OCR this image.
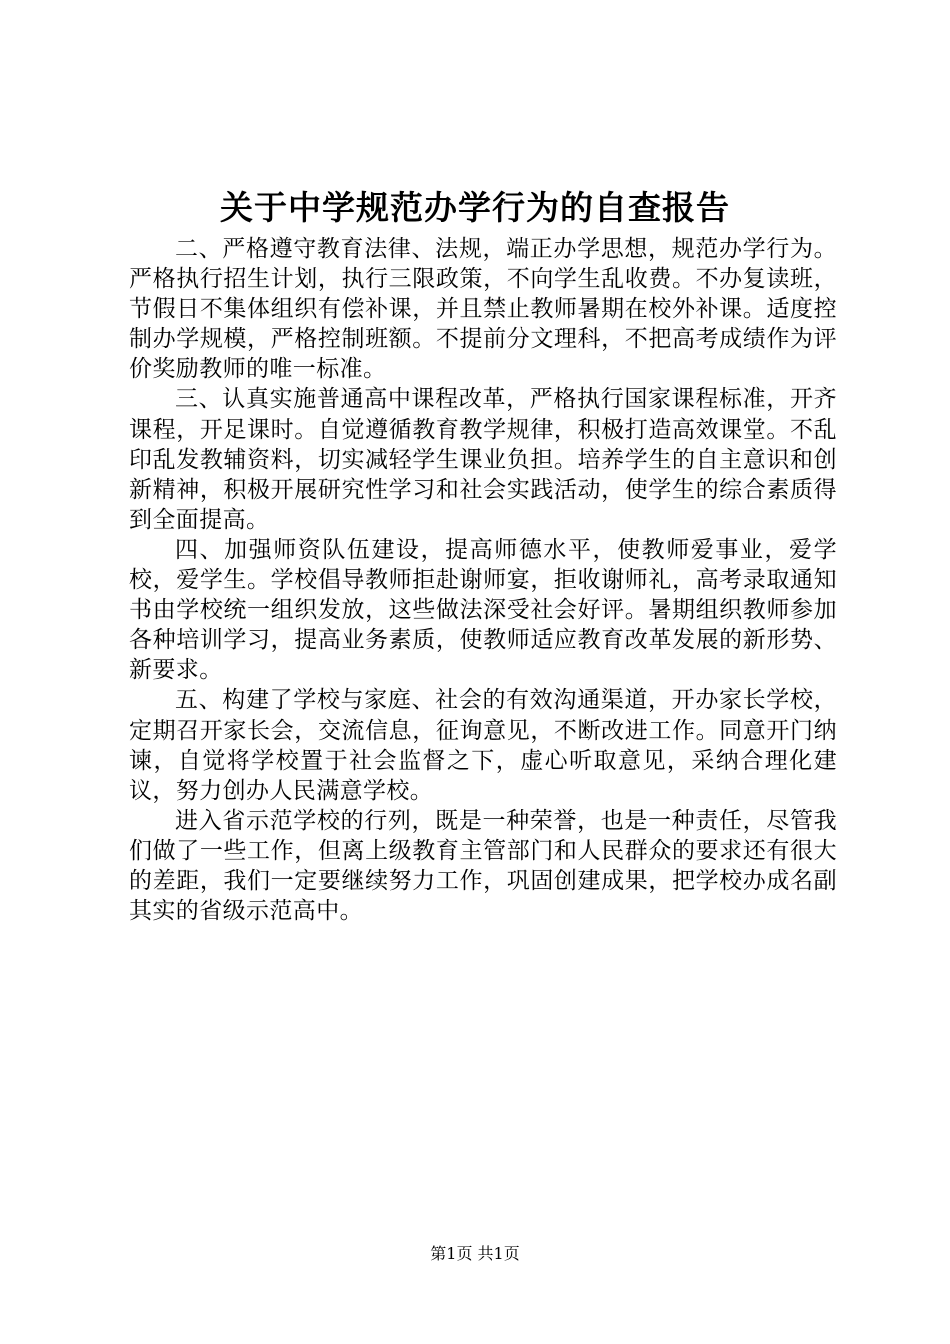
关于中学规范办学行为的自查报告

二、严格遵守教育法律、法规，端正办学思想，规范办学行为。严格执行招生计划，执行三限政策，不向学生乱收费。不办复读班，节假日不集体组织有偿补课，并且禁止教师暑期在校外补课。适度控制办学规模，严格控制班额。不提前分文理科，不把高考成绩作为评价奖励教师的唯一标准。

三、认真实施普通高中课程改革，严格执行国家课程标准，开齐课程，开足课时。自觉遵循教育教学规律，积极打造高效课堂。不乱印乱发教辅资料，切实减轻学生课业负担。培养学生的自主意识和创新精神，积极开展研究性学习和社会实践活动，使学生的综合素质得到全面提高。

四、加强师资队伍建设，提高师德水平，使教师爱事业，爱学校，爱学生。学校倡导教师拒赴谢师宴，拒收谢师礼，高考录取通知书由学校统一组织发放，这些做法深受社会好评。暑期组织教师参加各种培训学习，提高业务素质，使教师适应教育改革发展的新形势、新要求。

五、构建了学校与家庭、社会的有效沟通渠道，开办家长学校，定期召开家长会，交流信息，征询意见，不断改进工作。同意开门纳谏，自觉将学校置于社会监督之下，虚心听取意见，采纳合理化建议，努力创办人民满意学校。

进入省示范学校的行列，既是一种荣誉，也是一种责任，尽管我们做了一些工作，但离上级教育主管部门和人民群众的要求还有很大的差距，我们一定要继续努力工作，巩固创建成果，把学校办成名副其实的省级示范高中。

第1页 共1页
